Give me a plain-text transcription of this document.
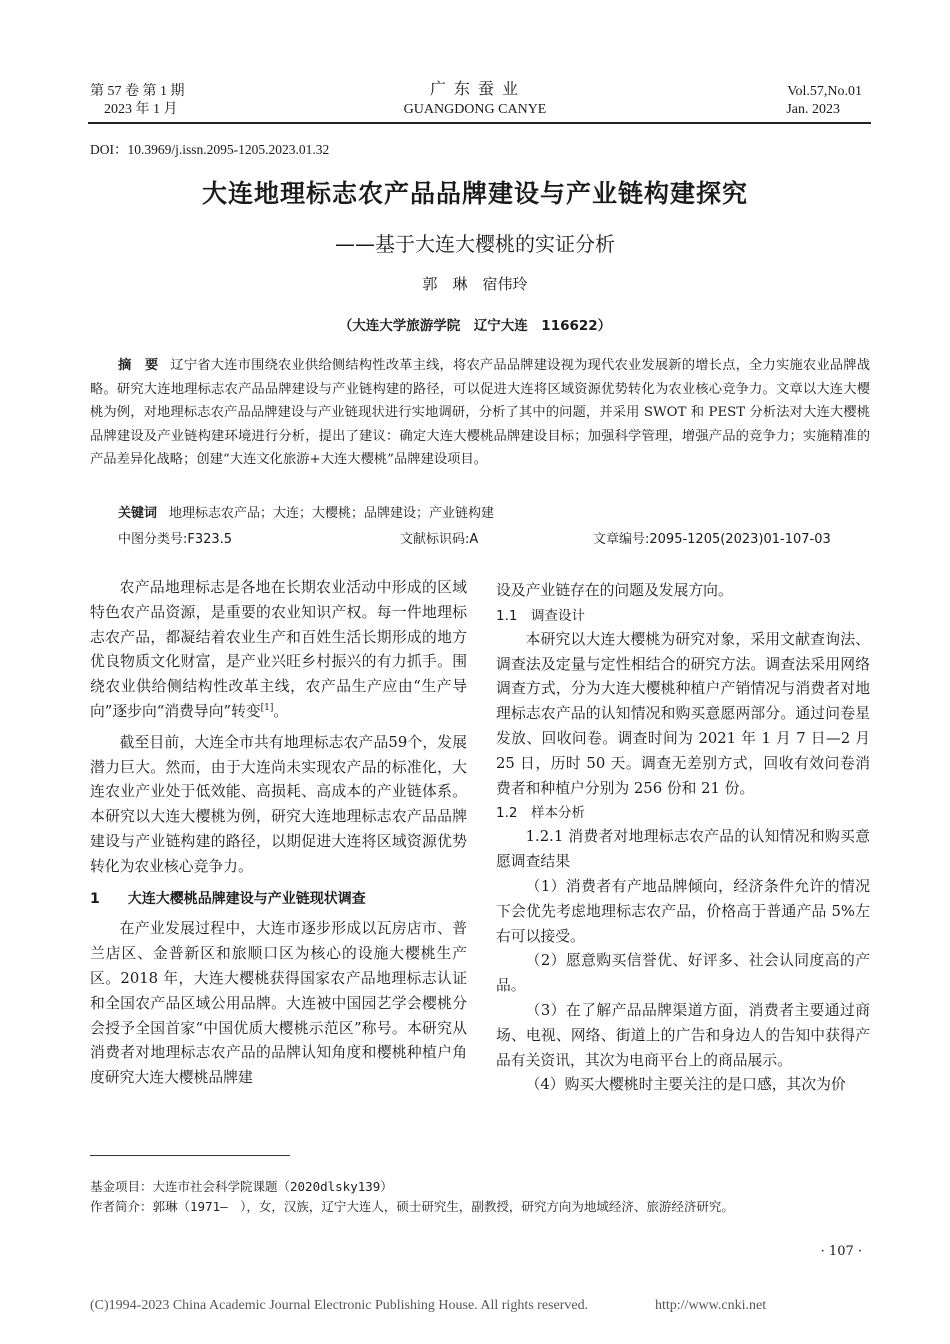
第 57 卷 第 1 期
2023 年 1 月
广 东 蚕 业
GUANGDONG CANYE
Vol.57,No.01
Jan. 2023
DOI：10.3969/j.issn.2095-1205.2023.01.32
大连地理标志农产品品牌建设与产业链构建探究
——基于大连大樱桃的实证分析
郭　琳　宿伟玲
（大连大学旅游学院　辽宁大连　116622）
摘　要 辽宁省大连市围绕农业供给侧结构性改革主线，将农产品品牌建设视为现代农业发展新的增长点，全力实施农业品牌战略。研究大连地理标志农产品品牌建设与产业链构建的路径，可以促进大连将区域资源优势转化为农业核心竞争力。文章以大连大樱桃为例，对地理标志农产品品牌建设与产业链现状进行实地调研，分析了其中的问题，并采用 SWOT 和 PEST 分析法对大连大樱桃品牌建设及产业链构建环境进行分析，提出了建议：确定大连大樱桃品牌建设目标；加强科学管理，增强产品的竞争力；实施精准的产品差异化战略；创建“大连文化旅游+大连大樱桃”品牌建设项目。
关键词 地理标志农产品；大连；大樱桃；品牌建设；产业链构建
中图分类号:F323.5	文献标识码:A	文章编号:2095-1205(2023)01-107-03

农产品地理标志是各地在长期农业活动中形成的区域特色农产品资源，是重要的农业知识产权。每一件地理标志农产品，都凝结着农业生产和百姓生活长期形成的地方优良物质文化财富，是产业兴旺乡村振兴的有力抓手。围绕农业供给侧结构性改革主线，农产品生产应由“生产导向”逐步向“消费导向”转变[1]。

截至目前，大连全市共有地理标志农产品59个，发展潜力巨大。然而，由于大连尚未实现农产品的标准化，大连农业产业处于低效能、高损耗、高成本的产业链体系。本研究以大连大樱桃为例，研究大连地理标志农产品品牌建设与产业链构建的路径，以期促进大连将区域资源优势转化为农业核心竞争力。

1　　大连大樱桃品牌建设与产业链现状调查

在产业发展过程中，大连市逐步形成以瓦房店市、普兰店区、金普新区和旅顺口区为核心的设施大樱桃生产区。2018 年，大连大樱桃获得国家农产品地理标志认证和全国农产品区域公用品牌。大连被中国园艺学会樱桃分会授予全国首家“中国优质大樱桃示范区”称号。本研究从消费者对地理标志农产品的品牌认知角度和樱桃种植户角度研究大连大樱桃品牌建

设及产业链存在的问题及发展方向。

1.1　调查设计

本研究以大连大樱桃为研究对象，采用文献查询法、调查法及定量与定性相结合的研究方法。调查法采用网络调查方式，分为大连大樱桃种植户产销情况与消费者对地理标志农产品的认知情况和购买意愿两部分。通过问卷星发放、回收问卷。调查时间为 2021 年 1 月 7 日—2 月 25 日，历时 50 天。调查无差别方式，回收有效问卷消费者和种植户分别为 256 份和 21 份。

1.2　样本分析

1.2.1 消费者对地理标志农产品的认知情况和购买意愿调查结果

（1）消费者有产地品牌倾向，经济条件允许的情况下会优先考虑地理标志农产品，价格高于普通产品 5%左右可以接受。

（2）愿意购买信誉优、好评多、社会认同度高的产品。

（3）在了解产品品牌渠道方面，消费者主要通过商场、电视、网络、街道上的广告和身边人的告知中获得产品有关资讯，其次为电商平台上的商品展示。

（4）购买大樱桃时主要关注的是口感，其次为价

基金项目：大连市社会科学院课题（2020dlsky139）
作者简介：郭琳（1971—　），女，汉族，辽宁大连人，硕士研究生，副教授，研究方向为地域经济、旅游经济研究。
· 107 ·
(C)1994-2023 China Academic Journal Electronic Publishing House. All rights reserved.	http://www.cnki.net
